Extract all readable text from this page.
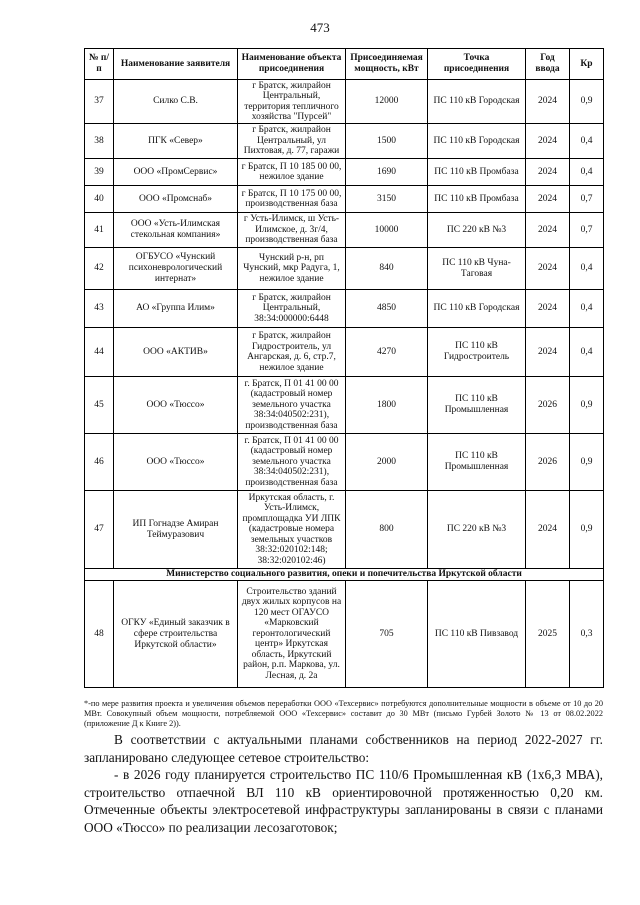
473
№ п/п	Наименование заявителя	Наименование объекта присоединения	Присоединяемая мощность, кВт	Точка присоединения	Год ввода	Кр
37	Силко С.В.	г Братск, жилрайон Центральный, территория тепличного хозяйства "Пурсей"	12000	ПС 110 кВ Городская	2024	0,9
38	ПГК «Север»	г Братск, жилрайон Центральный, ул Пихтовая, д. 77, гаражи	1500	ПС 110 кВ Городская	2024	0,4
39	ООО «ПромСервис»	г Братск, П 10 185 00 00, нежилое здание	1690	ПС 110 кВ Промбаза	2024	0,4
40	ООО «Промснаб»	г Братск, П 10 175 00 00, производственная база	3150	ПС 110 кВ Промбаза	2024	0,7
41	ООО «Усть-Илимская стекольная компания»	г Усть-Илимск, ш Усть-Илимское, д. 3г/4, производственная база	10000	ПС 220 кВ №3	2024	0,7
42	ОГБУСО «Чунский психоневрологический интернат»	Чунский р-н, рп Чунский, мкр Радуга, 1, нежилое здание	840	ПС 110 кВ Чуна-Таговая	2024	0,4
43	АО «Группа Илим»	г Братск, жилрайон Центральный, 38:34:000000:6448	4850	ПС 110 кВ Городская	2024	0,4
44	ООО «АКТИВ»	г Братск, жилрайон Гидростроитель, ул Ангарская, д. 6, стр.7, нежилое здание	4270	ПС 110 кВ Гидростроитель	2024	0,4
45	ООО «Тюссо»	г. Братск, П 01 41 00 00 (кадастровый номер земельного участка 38:34:040502:231), производственная база	1800	ПС 110 кВ Промышленная	2026	0,9
46	ООО «Тюссо»	г. Братск, П 01 41 00 00 (кадастровый номер земельного участка 38:34:040502:231), производственная база	2000	ПС 110 кВ Промышленная	2026	0,9
47	ИП Гогнадзе Амиран Теймуразович	Иркутская область, г. Усть-Илимск, промплощадка УИ ЛПК (кадастровые номера земельных участков 38:32:020102:148; 38:32:020102:46)	800	ПС 220 кВ №3	2024	0,9
Министерство социального развития, опеки и попечительства Иркутской области						
48	ОГКУ «Единый заказчик в сфере строительства Иркутской области»	Строительство зданий двух жилых корпусов на 120 мест ОГАУСО «Марковский геронтологический центр» Иркутская область, Иркутский район, р.п. Маркова, ул. Лесная, д. 2а	705	ПС 110 кВ Пивзавод	2025	0,3
*-по мере развития проекта и увеличения объемов переработки ООО «Техсервис» потребуются дополнительные мощности в объеме от 10 до 20 МВт. Совокупный объем мощности, потребляемой ООО «Техсервис» составит до 30 МВт (письмо Гурбей Золото № 13 от 08.02.2022 (приложение Д к Книге 2)).
В соответствии с актуальными планами собственников на период 2022-2027 гг. запланировано следующее сетевое строительство:
- в 2026 году планируется строительство ПС 110/6 Промышленная кВ (1х6,3 МВА), строительство отпаечной ВЛ 110 кВ ориентировочной протяженностью 0,20 км. Отмеченные объекты электросетевой инфраструктуры запланированы в связи с планами ООО «Тюссо» по реализации лесозаготовок;
